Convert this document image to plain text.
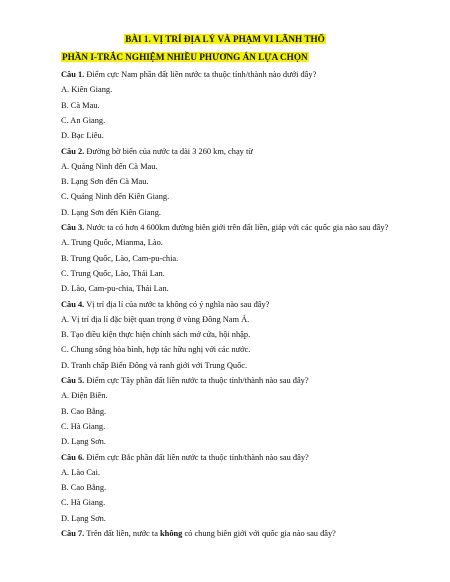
BÀI 1. VỊ TRÍ ĐỊA LÝ VÀ PHẠM VI LÃNH THỔ
PHẦN I-TRẮC NGHIỆM NHIỀU PHƯƠNG ÁN LỰA CHỌN
Câu 1. Điểm cực Nam phần đất liền nước ta thuộc tỉnh/thành nào dưới đây?
A. Kiên Giang.
B. Cà Mau.
C. An Giang.
D. Bạc Liêu.
Câu 2. Đường bờ biển của nước ta dài 3 260 km, chạy từ
A. Quảng Ninh đến Cà Mau.
B. Lạng Sơn đến Cà Mau.
C. Quảng Ninh đến Kiên Giang.
D. Lạng Sơn đến Kiên Giang.
Câu 3. Nước ta có hơn 4 600km đường biên giới trên đất liền, giáp với các quốc gia nào sau đây?
A. Trung Quốc, Mianma, Lào.
B. Trung Quốc, Lào, Cam-pu-chia.
C. Trung Quốc, Lào, Thái Lan.
D. Lào, Cam-pu-chia, Thái Lan.
Câu 4. Vị trí địa lí của nước ta không có ý nghĩa nào sau đây?
A. Vị trí địa lí đặc biệt quan trọng ở vùng Đông Nam Á.
B. Tạo điều kiện thực hiện chính sách mở cửa, hội nhập.
C. Chung sống hòa bình, hợp tác hữu nghị với các nước.
D. Tranh chấp Biển Đông và ranh giới với Trung Quốc.
Câu 5. Điểm cực Tây phần đất liền nước ta thuộc tỉnh/thành nào sau đây?
A. Điện Biên.
B. Cao Bằng.
C. Hà Giang.
D. Lạng Sơn.
Câu 6. Điểm cực Bắc phần đất liền nước ta thuộc tỉnh/thành nào sau đây?
A. Lào Cai.
B. Cao Bằng.
C. Hà Giang.
D. Lạng Sơn.
Câu 7. Trên đất liền, nước ta không có chung biên giới với quốc gia nào sau đây?
